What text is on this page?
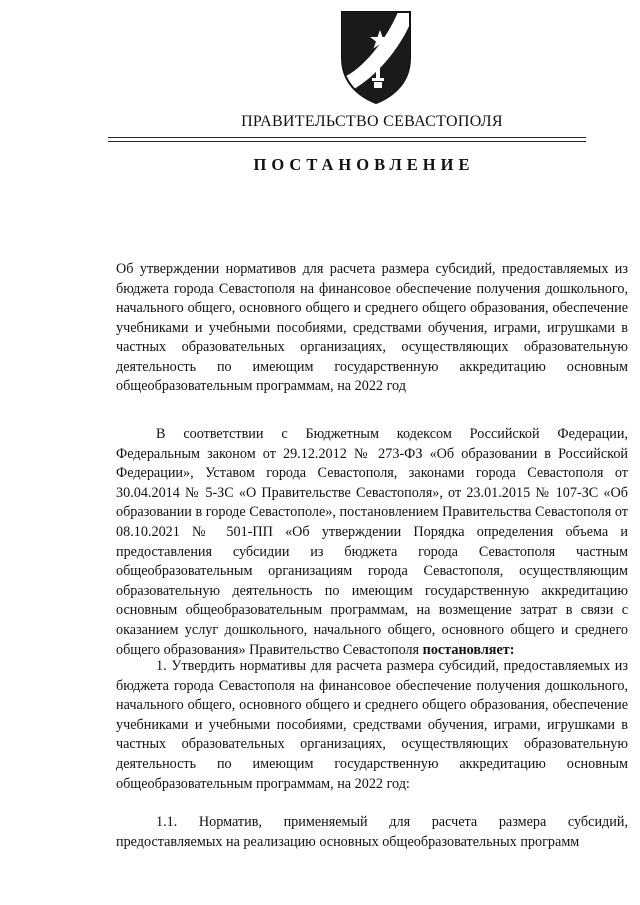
ПРАВИТЕЛЬСТВО СЕВАСТОПОЛЯ
ПОСТАНОВЛЕНИЕ
Об утверждении нормативов для расчета размера субсидий, предоставляемых из бюджета города Севастополя на финансовое обеспечение получения дошкольного, начального общего, основного общего и среднего общего образования, обеспечение учебниками и учебными пособиями, средствами обучения, играми, игрушками в частных образовательных организациях, осуществляющих образовательную деятельность по имеющим государственную аккредитацию основным общеобразовательным программам, на 2022 год
В соответствии с Бюджетным кодексом Российской Федерации, Федеральным законом от 29.12.2012 № 273-ФЗ «Об образовании в Российской Федерации», Уставом города Севастополя, законами города Севастополя от 30.04.2014 № 5-ЗС «О Правительстве Севастополя», от 23.01.2015 № 107-ЗС «Об образовании в городе Севастополе», постановлением Правительства Севастополя от 08.10.2021 № 501-ПП «Об утверждении Порядка определения объема и предоставления субсидии из бюджета города Севастополя частным общеобразовательным организациям города Севастополя, осуществляющим образовательную деятельность по имеющим государственную аккредитацию основным общеобразовательным программам, на возмещение затрат в связи с оказанием услуг дошкольного, начального общего, основного общего и среднего общего образования» Правительство Севастополя постановляет:
1. Утвердить нормативы для расчета размера субсидий, предоставляемых из бюджета города Севастополя на финансовое обеспечение получения дошкольного, начального общего, основного общего и среднего общего образования, обеспечение учебниками и учебными пособиями, средствами обучения, играми, игрушками в частных образовательных организациях, осуществляющих образовательную деятельность по имеющим государственную аккредитацию основным общеобразовательным программам, на 2022 год:
1.1. Норматив, применяемый для расчета размера субсидий, предоставляемых на реализацию основных общеобразовательных программ
